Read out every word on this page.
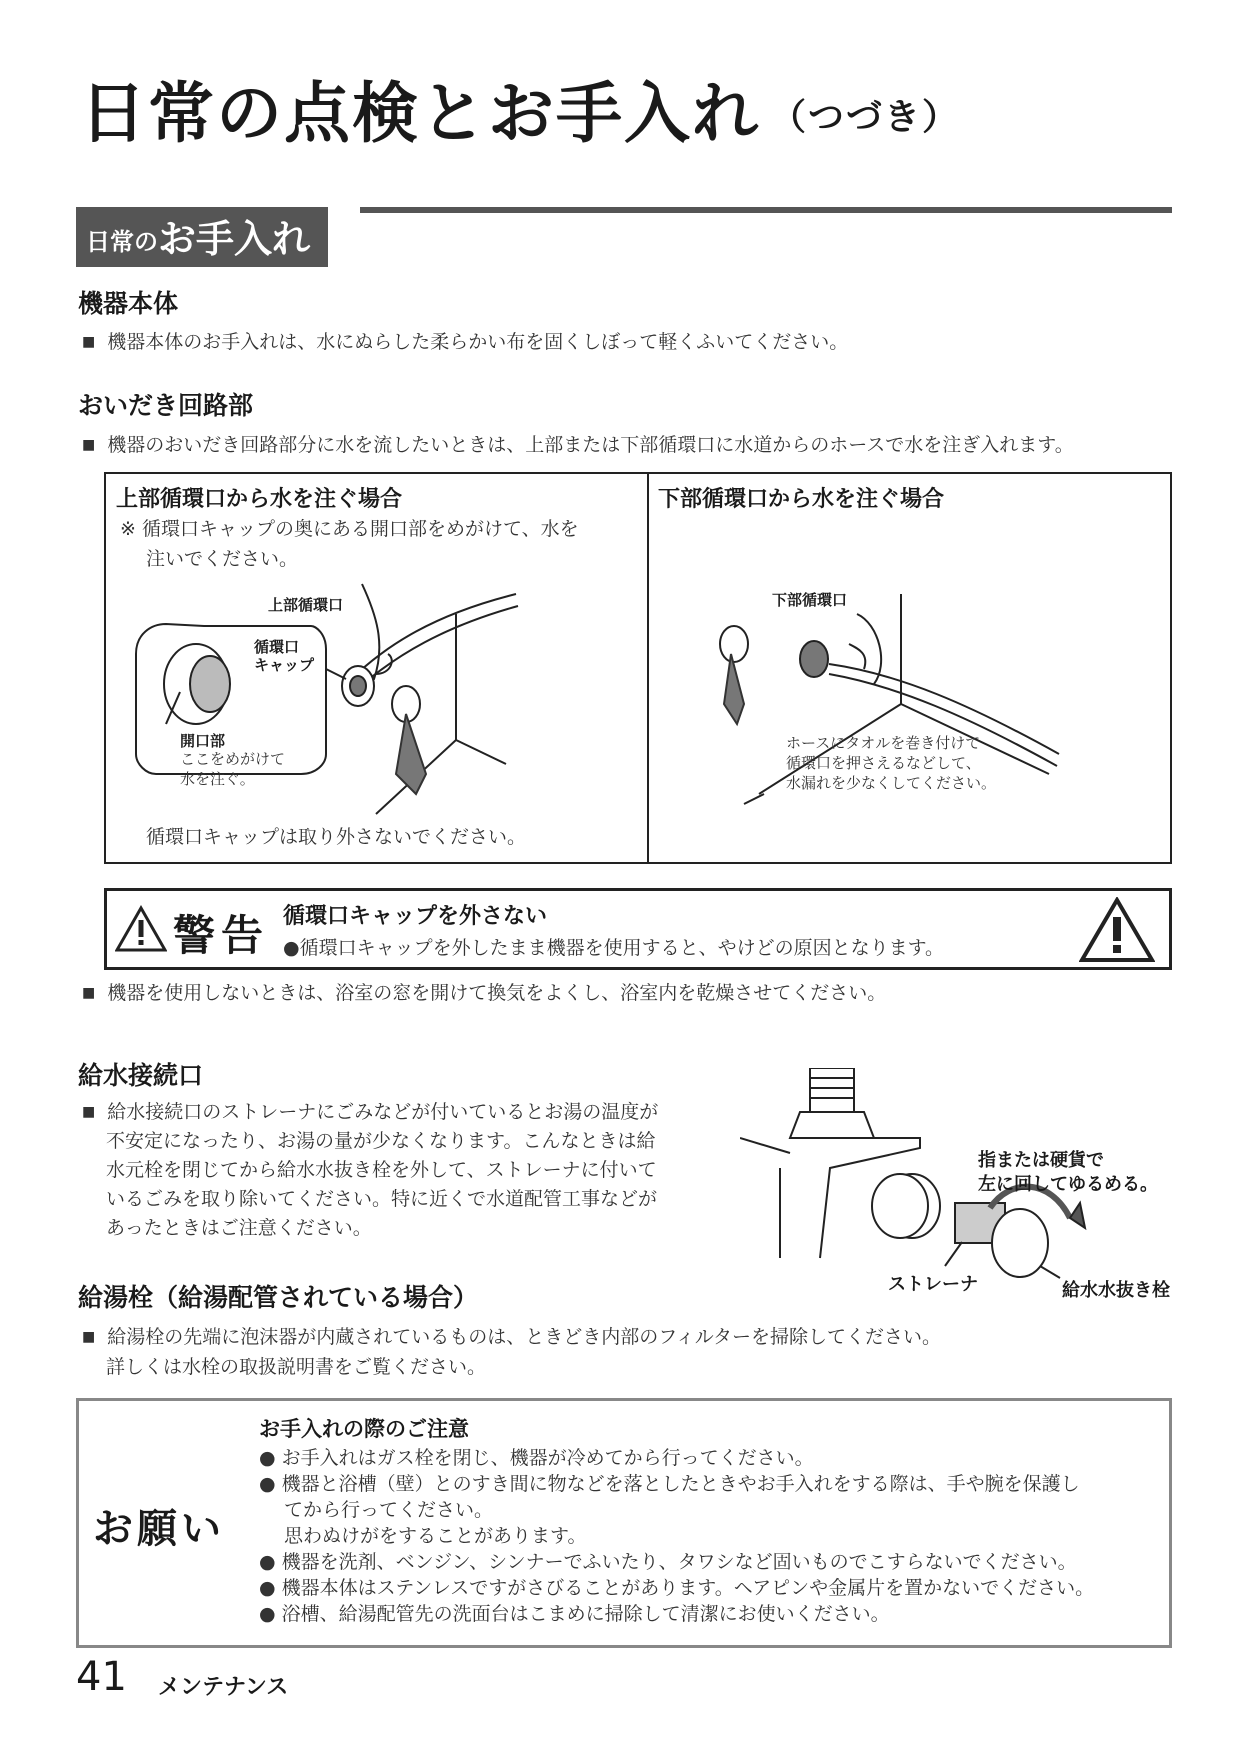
日常の点検とお手入れ （つづき）
日常の お手入れ
機器本体
■ 機器本体のお手入れは、水にぬらした柔らかい布を固くしぼって軽くふいてください。
おいだき回路部
■ 機器のおいだき回路部分に水を流したいときは、上部または下部循環口に水道からのホースで水を注ぎ入れます。
上部循環口から水を注ぐ場合
※ 循環口キャップの奥にある開口部をめがけて、水を
注いでください。
上部循環口
循環口
キャップ
開口部
ここをめがけて
水を注ぐ。
循環口キャップは取り外さないでください。
下部循環口から水を注ぐ場合
下部循環口
ホースにタオルを巻き付けて
循環口を押さえるなどして、
水漏れを少なくしてください。
警告 循環口キャップを外さない
●循環口キャップを外したまま機器を使用すると、やけどの原因となります。
■ 機器を使用しないときは、浴室の窓を開けて換気をよくし、浴室内を乾燥させてください。
給水接続口
■ 給水接続口のストレーナにごみなどが付いているとお湯の温度が
不安定になったり、お湯の量が少なくなります。こんなときは給
水元栓を閉じてから給水水抜き栓を外して、ストレーナに付いて
いるごみを取り除いてください。特に近くで水道配管工事などが
あったときはご注意ください。
指または硬貨で
左に回してゆるめる。
ストレーナ	給水水抜き栓
給湯栓（給湯配管されている場合）
■ 給湯栓の先端に泡沫器が内蔵されているものは、ときどき内部のフィルターを掃除してください。
詳しくは水栓の取扱説明書をご覧ください。
お願い
お手入れの際のご注意
● お手入れはガス栓を閉じ、機器が冷めてから行ってください。
● 機器と浴槽（壁）とのすき間に物などを落としたときやお手入れをする際は、手や腕を保護し
　 てから行ってください。
　 思わぬけがをすることがあります。
● 機器を洗剤、ベンジン、シンナーでふいたり、タワシなど固いものでこすらないでください。
● 機器本体はステンレスですがさびることがあります。ヘアピンや金属片を置かないでください。
● 浴槽、給湯配管先の洗面台はこまめに掃除して清潔にお使いください。
41 メンテナンス
